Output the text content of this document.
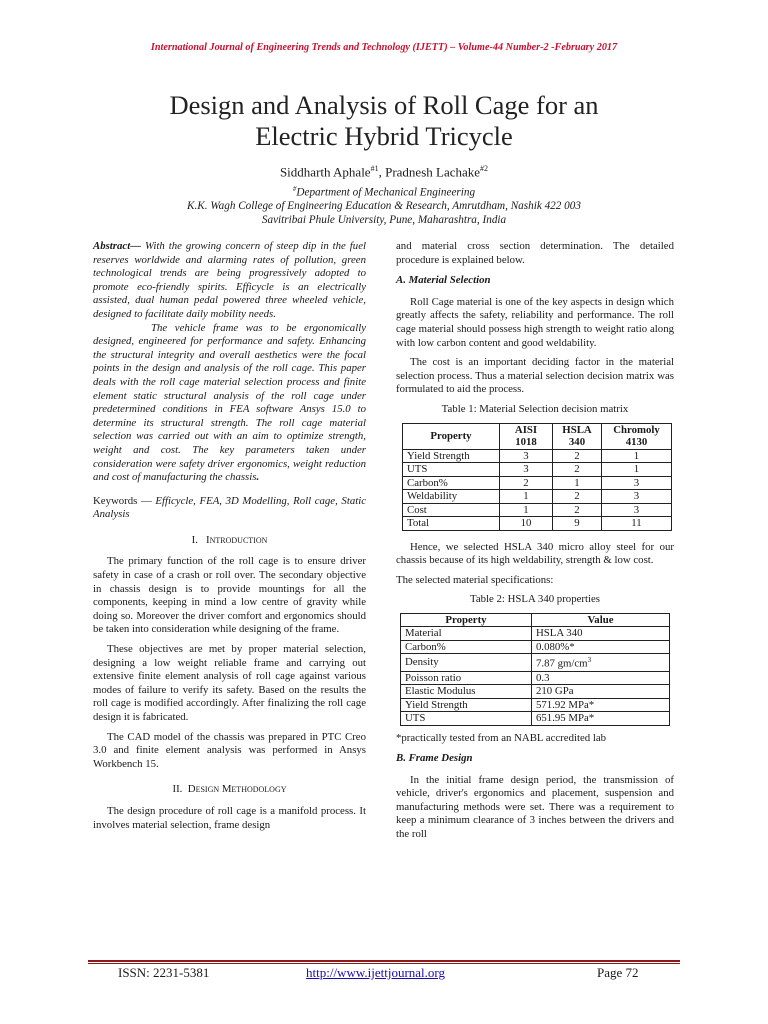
International Journal of Engineering Trends and Technology (IJETT) – Volume-44 Number-2 -February 2017
Design and Analysis of Roll Cage for an
Electric Hybrid Tricycle
Siddharth Aphale$^{\#1}$, Pradnesh Lachake$^{\#2}$
#Department of Mechanical Engineering
K.K. Wagh College of Engineering Education & Research, Amrutdham, Nashik 422 003
Savitribai Phule University, Pune, Maharashtra, India

Abstract— With the growing concern of steep dip in the fuel reserves worldwide and alarming rates of pollution, green technological trends are being progressively adopted to promote eco-friendly spirits. Efficycle is an electrically assisted, dual human pedal powered three wheeled vehicle, designed to facilitate daily mobility needs.
The vehicle frame was to be ergonomically designed, engineered for performance and safety. Enhancing the structural integrity and overall aesthetics were the focal points in the design and analysis of the roll cage. This paper deals with the roll cage material selection process and finite element static structural analysis of the roll cage under predetermined conditions in FEA software Ansys 15.0 to determine its structural strength. The roll cage material selection was carried out with an aim to optimize strength, weight and cost. The key parameters taken under consideration were safety driver ergonomics, weight reduction and cost of manufacturing the chassis.

Keywords — Efficycle, FEA, 3D Modelling, Roll cage, Static Analysis

I. Introduction

The primary function of the roll cage is to ensure driver safety in case of a crash or roll over. The secondary objective in chassis design is to provide mountings for all the components, keeping in mind a low centre of gravity while doing so. Moreover the driver comfort and ergonomics should be taken into consideration while designing of the frame.

These objectives are met by proper material selection, designing a low weight reliable frame and carrying out extensive finite element analysis of roll cage against various modes of failure to verify its safety. Based on the results the roll cage is modified accordingly. After finalizing the roll cage design it is fabricated.

The CAD model of the chassis was prepared in PTC Creo 3.0 and finite element analysis was performed in Ansys Workbench 15.

II. Design Methodology

The design procedure of roll cage is a manifold process. It involves material selection, frame design

and material cross section determination. The detailed procedure is explained below.

A. Material Selection

Roll Cage material is one of the key aspects in design which greatly affects the safety, reliability and performance. The roll cage material should possess high strength to weight ratio along with low carbon content and good weldability.

The cost is an important deciding factor in the material selection process. Thus a material selection decision matrix was formulated to aid the process.

Table 1: Material Selection decision matrix
Property	AISI 1018	HSLA 340	Chromoly 4130
Yield Strength	3	2	1
UTS	3	2	1
Carbon%	2	1	3
Weldability	1	2	3
Cost	1	2	3
Total	10	9	11

Hence, we selected HSLA 340 micro alloy steel for our chassis because of its high weldability, strength & low cost.

The selected material specifications:

Table 2: HSLA 340 properties
Property	Value
Material	HSLA 340
Carbon%	0.080%*
Density	7.87 $gm/cm^3$
Poisson ratio	0.3
Elastic Modulus	210 GPa
Yield Strength	571.92 MPa*
UTS	651.95 MPa*

*practically tested from an NABL accredited lab

B. Frame Design

In the initial frame design period, the transmission of vehicle, driver's ergonomics and placement, suspension and manufacturing methods were set. There was a requirement to keep a minimum clearance of 3 inches between the drivers and the roll

ISSN: 2231-5381	http://www.ijettjournal.org	Page 72
